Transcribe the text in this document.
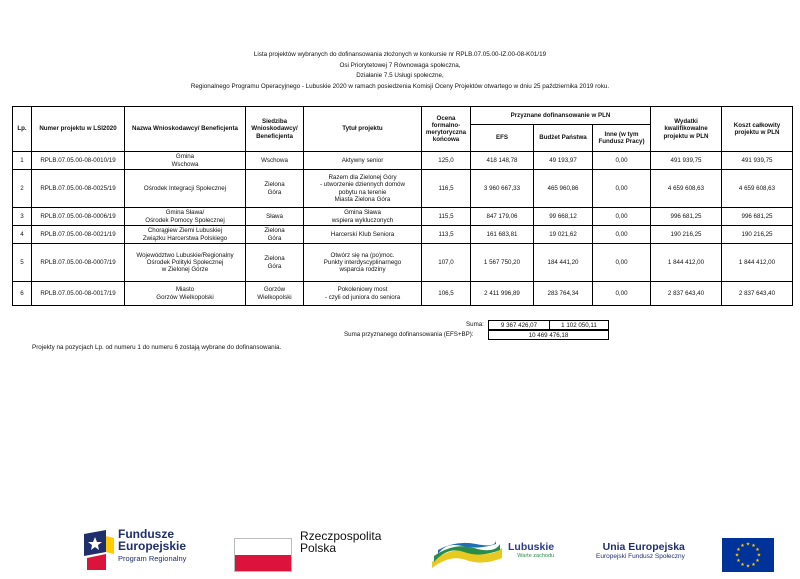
Lista projektów wybranych do dofinansowania złożonych w konkursie nr RPLB.07.05.00-IZ.00-08-K01/19
Osi Priorytetowej 7 Równowaga społeczna,
Działanie 7.5 Usługi społeczne,
Regionalnego Programu Operacyjnego - Lubuskie 2020 w ramach posiedzenia Komisji Oceny Projektów otwartego w dniu 25 października 2019 roku.
Lp.	Numer projektu w LSI2020	Nazwa Wnioskodawcy/ Beneficjenta	Siedziba Wnioskodawcy/ Beneficjenta	Tytuł projektu	Ocena formalno-merytoryczna końcowa	Przyznane dofinansowanie w PLN			Wydatki kwalifikowalne projektu w PLN	Koszt całkowity projektu w PLN
						EFS	Budżet Państwa	Inne (w tym Fundusz Pracy)		
1	RPLB.07.05.00-08-0010/19	Gmina
Wschowa	Wschowa	Aktywny senior	125,0	418 148,78	49 193,97	0,00	491 939,75	491 939,75
2	RPLB.07.05.00-08-0025/19	Ośrodek Integracji Społecznej	Zielona
Góra	Razem dla Zielonej Góry
- utworzenie dziennych domów
pobytu na terenie
Miasta Zielona Góra	116,5	3 960 667,33	465 960,86	0,00	4 659 608,63	4 659 608,63
3	RPLB.07.05.00-08-0006/19	Gmina Sława/
Ośrodek Pomocy Społecznej	Sława	Gmina Sława
wspiera wykluczonych	115,5	847 179,06	99 668,12	0,00	996 681,25	996 681,25
4	RPLB.07.05.00-08-0021/19	Chorągiew Ziemi Lubuskiej
Związku Harcerstwa Polskiego	Zielona
Góra	Harcerski Klub Seniora	113,5	161 683,81	19 021,62	0,00	190 216,25	190 216,25
5	RPLB.07.05.00-08-0007/19	Województwo Lubuskie/Regionalny
Ośrodek Polityki Społecznej
w Zielonej Górze	Zielona
Góra	Otwórz się na (po)moc.
Punkty interdyscyplinarnego
wsparcia rodziny	107,0	1 567 750,20	184 441,20	0,00	1 844 412,00	1 844 412,00
6	RPLB.07.05.00-08-0017/19	Miasto
Gorzów Wielkopolski	Gorzów
Wielkopolski	Pokoleniowy most
- czyli od juniora do seniora	106,5	2 411 996,89	283 764,34	0,00	2 837 643,40	2 837 643,40
Suma:	9 367 426,07	1 102 050,11
Suma przyznanego dofinansowania (EFS+BP):	10 469 476,18
Projekty na pozycjach Lp. od numeru 1 do numeru 6 zostają wybrane do dofinansowania.
Fundusze
Europejskie
Program Regionalny
Rzeczpospolita
Polska	Lubuskie
Warte zachodu
Unia Europejska
Europejski Fundusz Społeczny	★
★
★
★
★
★
★
★
★ ★ ★
★
